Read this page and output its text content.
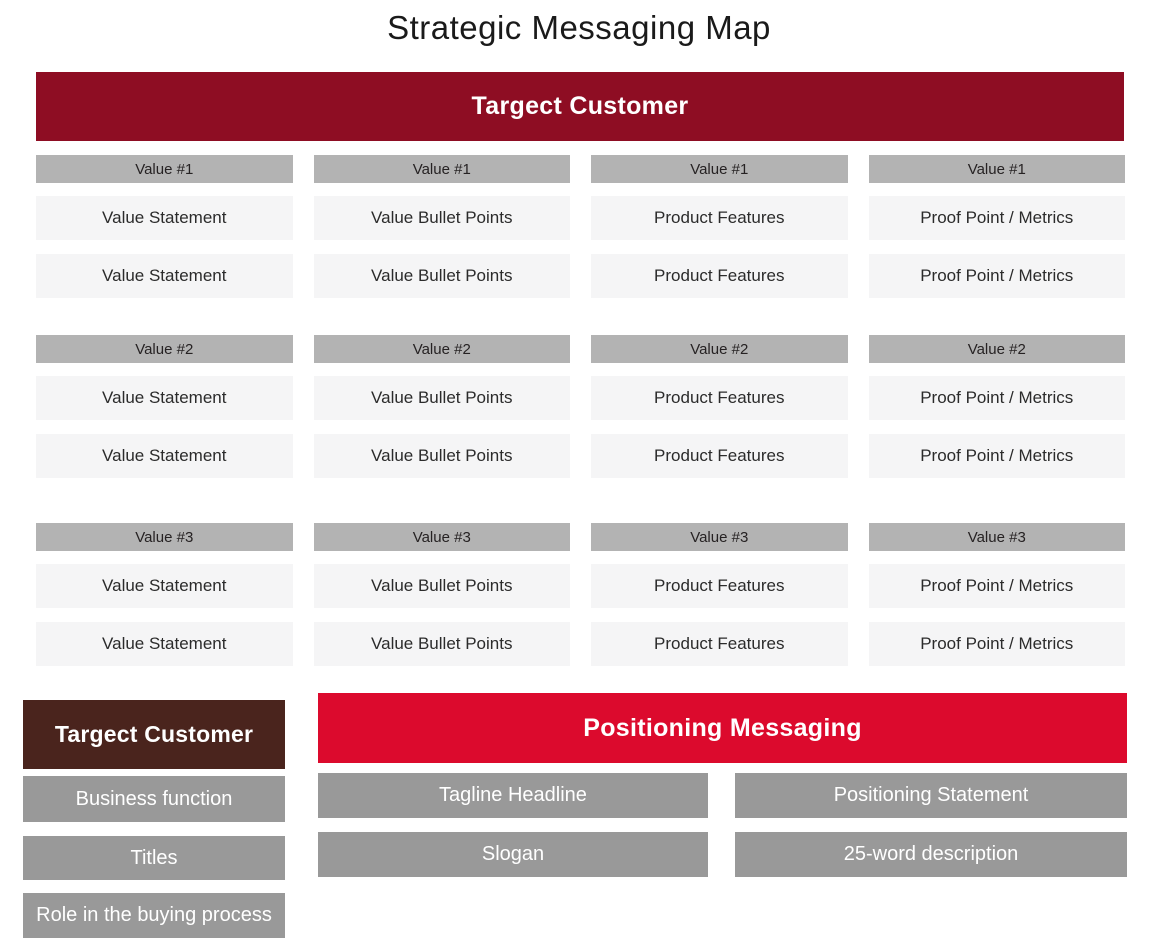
Strategic Messaging Map
Targect Customer
Value #1	Value #1	Value #1	Value #1
Value Statement	Value Bullet Points	Product Features	Proof Point / Metrics
Value Statement	Value Bullet Points	Product Features	Proof Point / Metrics
Value #2	Value #2	Value #2	Value #2
Value Statement	Value Bullet Points	Product Features	Proof Point / Metrics
Value Statement	Value Bullet Points	Product Features	Proof Point / Metrics
Value #3	Value #3	Value #3	Value #3
Value Statement	Value Bullet Points	Product Features	Proof Point / Metrics
Value Statement	Value Bullet Points	Product Features	Proof Point / Metrics
Targect Customer
Business function
Titles
Role in the buying process
Positioning Messaging
Tagline Headline	Positioning Statement
Slogan	25-word description
